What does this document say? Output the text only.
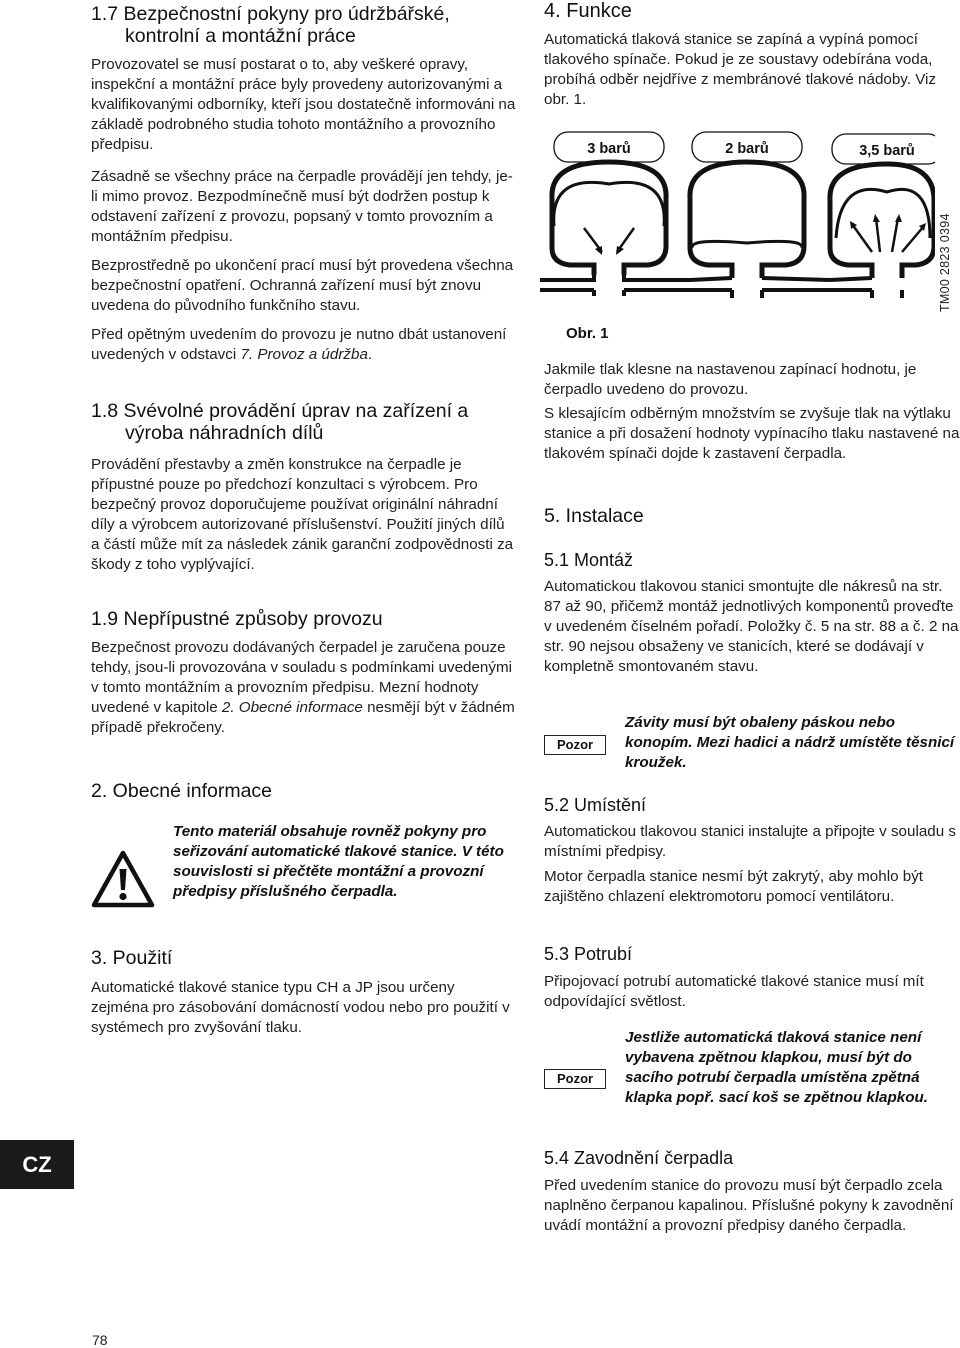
1.7 Bezpečnostní pokyny pro údržbářské,
kontrolní a montážní práce

Provozovatel se musí postarat o to, aby veškeré opravy, inspekční a montážní práce byly provedeny autorizovanými a kvalifikovanými odborníky, kteří jsou dostatečně informováni na základě podrobného studia tohoto montážního a provozního předpisu.

Zásadně se všechny práce na čerpadle provádějí jen tehdy, je- li mimo provoz. Bezpodmínečně musí být dodržen postup k odstavení zařízení z provozu, popsaný v tomto provozním a montážním předpisu.

Bezprostředně po ukončení prací musí být provedena všechna bezpečnostní opatření. Ochranná zařízení musí být znovu uvedena do původního funkčního stavu.

Před opětným uvedením do provozu je nutno dbát ustanovení uvedených v odstavci 7. Provoz a údržba.

1.8 Svévolné provádění úprav na zařízení a
výroba náhradních dílů

Provádění přestavby a změn konstrukce na čerpadle je přípustné pouze po předchozí konzultaci s výrobcem. Pro bezpečný provoz doporučujeme používat originální náhradní díly a výrobcem autorizované příslušenství. Použití jiných dílů a částí může mít za následek zánik garanční zodpovědnosti za škody z toho vyplývající.

1.9 Nepřípustné způsoby provozu

Bezpečnost provozu dodávaných čerpadel je zaručena pouze tehdy, jsou-li provozována v souladu s podmínkami uvedenými v tomto montážním a provozním předpisu. Mezní hodnoty uvedené v kapitole 2. Obecné informace nesmějí být v žádném případě překročeny.

2. Obecné informace
Tento materiál obsahuje rovněž pokyny pro seřizování automatické tlakové stanice. V této souvislosti si přečtěte montážní a provozní předpisy příslušného čerpadla.
3. Použití

Automatické tlakové stanice typu CH a JP jsou určeny zejména pro zásobování domácností vodou nebo pro použití v systémech pro zvyšování tlaku.

4. Funkce

Automatická tlaková stanice se zapíná a vypíná pomocí tlakového spínače. Pokud je ze soustavy odebírána voda, probíhá odběr nejdříve z membránové tlakové nádoby. Viz obr. 1.

3 barů	2 barů	3,5 barů
Obr. 1
TM00 2823 0394

Jakmile tlak klesne na nastavenou zapínací hodnotu, je čerpadlo uvedeno do provozu.

S klesajícím odběrným množstvím se zvyšuje tlak na výtlaku stanice a při dosažení hodnoty vypínacího tlaku nastavené na tlakovém spínači dojde k zastavení čerpadla.

5. Instalace
5.1 Montáž

Automatickou tlakovou stanici smontujte dle nákresů na str. 87 až 90, přičemž montáž jednotlivých komponentů proveďte v uvedeném číselném pořadí. Položky č. 5 na str. 88 a č. 2 na str. 90 nejsou obsaženy ve stanicích, které se dodávají v kompletně smontovaném stavu.

Pozor
Závity musí být obaleny páskou nebo konopím. Mezi hadici a nádrž umístěte těsnicí kroužek.
5.2 Umístění

Automatickou tlakovou stanici instalujte a připojte v souladu s místními předpisy.

Motor čerpadla stanice nesmí být zakrytý, aby mohlo být zajištěno chlazení elektromotoru pomocí ventilátoru.

5.3 Potrubí

Připojovací potrubí automatické tlakové stanice musí mít odpovídající světlost.

Pozor
Jestliže automatická tlaková stanice není vybavena zpětnou klapkou, musí být do sacího potrubí čerpadla umístěna zpětná klapka popř. sací koš se zpětnou klapkou.
5.4 Zavodnění čerpadla

Před uvedením stanice do provozu musí být čerpadlo zcela naplněno čerpanou kapalinou. Příslušné pokyny k zavodnění uvádí montážní a provozní předpisy daného čerpadla.

CZ
78
